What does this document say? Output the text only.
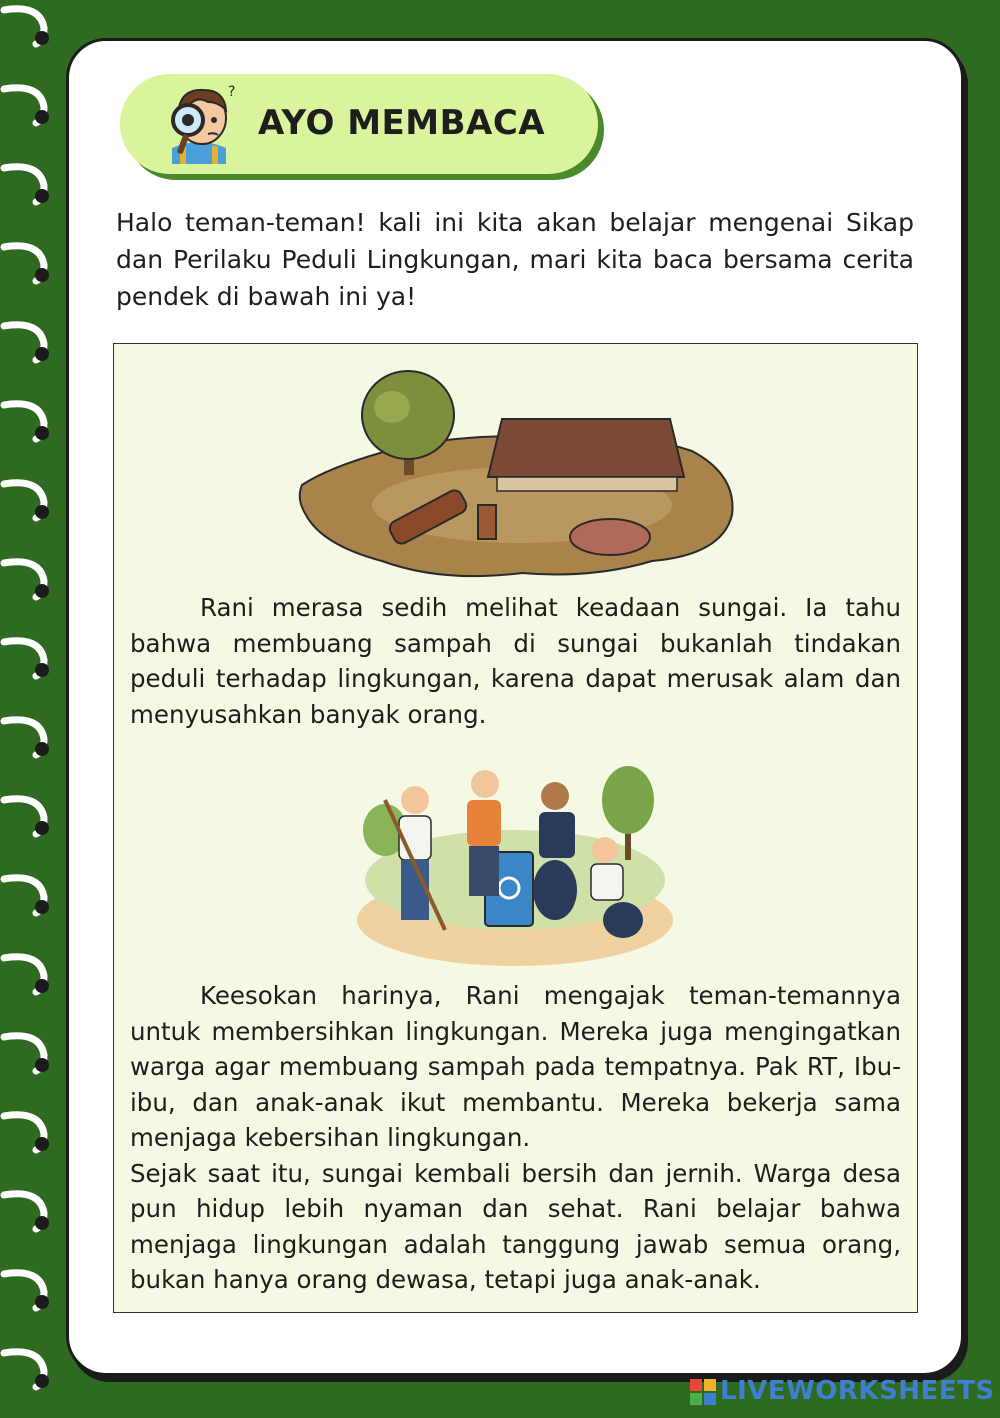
?
AYO MEMBACA
Halo teman-teman! kali ini kita akan belajar mengenai Sikap dan Perilaku Peduli Lingkungan, mari kita baca bersama cerita pendek di bawah ini ya!

Rani merasa sedih melihat keadaan sungai. Ia tahu bahwa membuang sampah di sungai bukanlah tindakan peduli terhadap lingkungan, karena dapat merusak alam dan menyusahkan banyak orang.

Keesokan harinya, Rani mengajak teman-temannya untuk membersihkan lingkungan. Mereka juga mengingatkan warga agar membuang sampah pada tempatnya. Pak RT, Ibu-ibu, dan anak-anak ikut membantu. Mereka bekerja sama menjaga kebersihan lingkungan.

Sejak saat itu, sungai kembali bersih dan jernih. Warga desa pun hidup lebih nyaman dan sehat. Rani belajar bahwa menjaga lingkungan adalah tanggung jawab semua orang, bukan hanya orang dewasa, tetapi juga anak-anak.

LIVEWORKSHEETS
